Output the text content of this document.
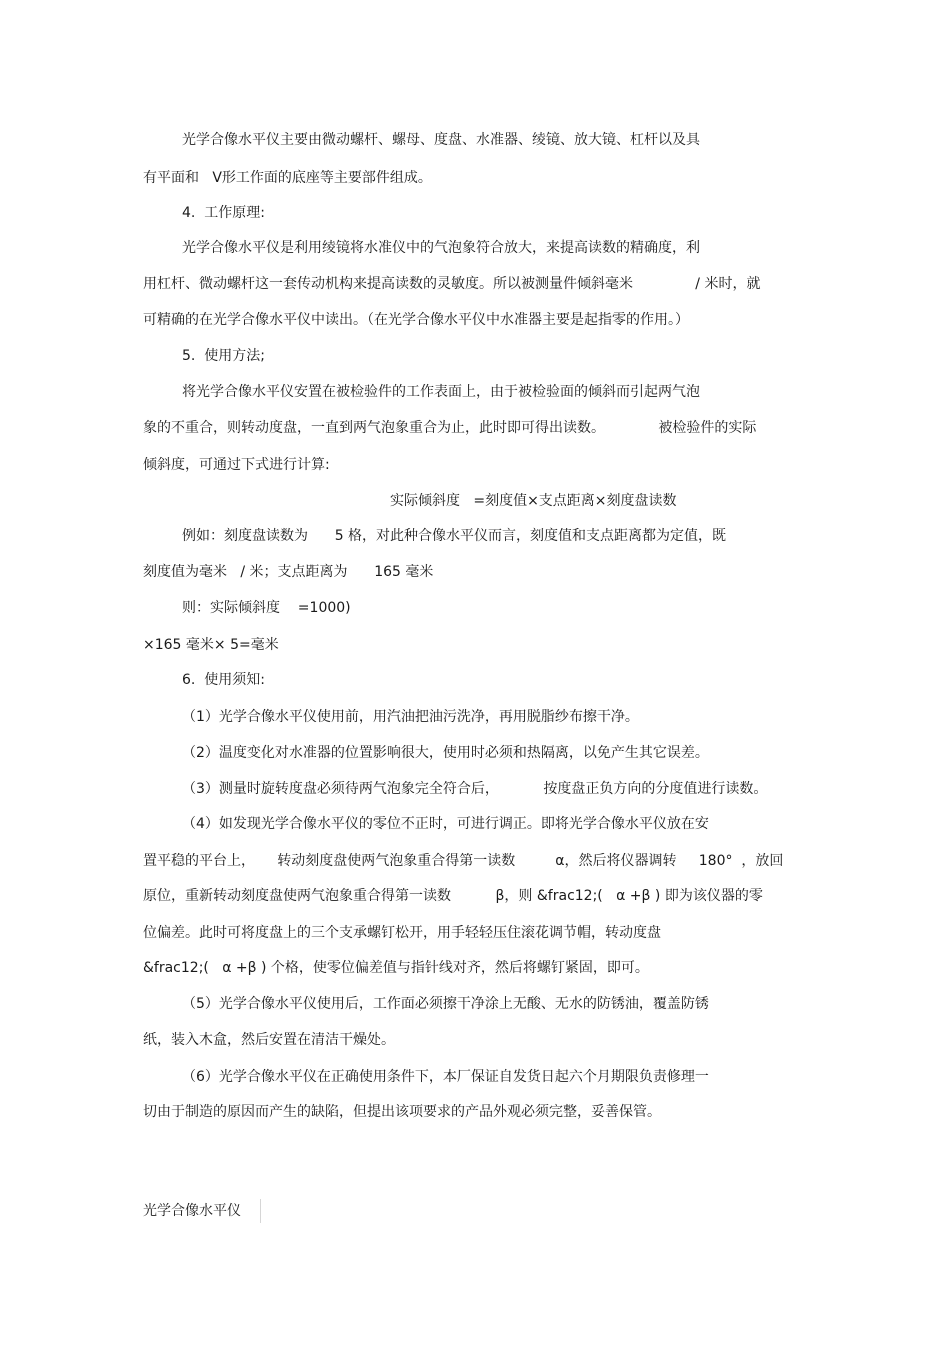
光学合像水平仪主要由微动螺杆、螺母、度盘、水准器、绫镜、放大镜、杠杆以及具
有平面和   V形工作面的底座等主要部件组成。
4.  工作原理:
光学合像水平仪是利用绫镜将水准仪中的气泡象符合放大，来提高读数的精确度，利
用杠杆、微动螺杆这一套传动机构来提高读数的灵敏度。所以被测量件倾斜毫米              / 米时，就
可精确的在光学合像水平仪中读出。（在光学合像水平仪中水准器主要是起指零的作用。）
5.  使用方法;
将光学合像水平仪安置在被检验件的工作表面上，由于被检验面的倾斜而引起两气泡
象的不重合，则转动度盘，一直到两气泡象重合为止，此时即可得出读数。            被检验件的实际
倾斜度，可通过下式进行计算:
实际倾斜度   =刻度值×支点距离×刻度盘读数
例如：刻度盘读数为      5 格，对此种合像水平仪而言，刻度值和支点距离都为定值，既
刻度值为毫米   / 米；支点距离为      165 毫米
则：实际倾斜度    =1000)
×165 毫米× 5=毫米
6.  使用须知:
（1）光学合像水平仪使用前，用汽油把油污洗净，再用脱脂纱布擦干净。
（2）温度变化对水准器的位置影响很大，使用时必须和热隔离，以免产生其它误差。
（3）测量时旋转度盘必须待两气泡象完全符合后，          按度盘正负方向的分度值进行读数。
（4）如发现光学合像水平仪的零位不正时，可进行调正。即将光学合像水平仪放在安
置平稳的平台上，     转动刻度盘使两气泡象重合得第一读数         α，然后将仪器调转     180°  ，放回
原位，重新转动刻度盘使两气泡象重合得第一读数          β，则 &frac12;(   α +β ) 即为该仪器的零
位偏差。此时可将度盘上的三个支承螺钉松开，用手轻轻压住滚花调节帽，转动度盘
&frac12;(   α +β ) 个格，使零位偏差值与指针线对齐，然后将螺钉紧固，即可。
（5）光学合像水平仪使用后，工作面必须擦干净涂上无酸、无水的防锈油，覆盖防锈
纸，装入木盒，然后安置在清洁干燥处。
（6）光学合像水平仪在正确使用条件下，本厂保证自发货日起六个月期限负责修理一
切由于制造的原因而产生的缺陷，但提出该项要求的产品外观必须完整，妥善保管。
光学合像水平仪
